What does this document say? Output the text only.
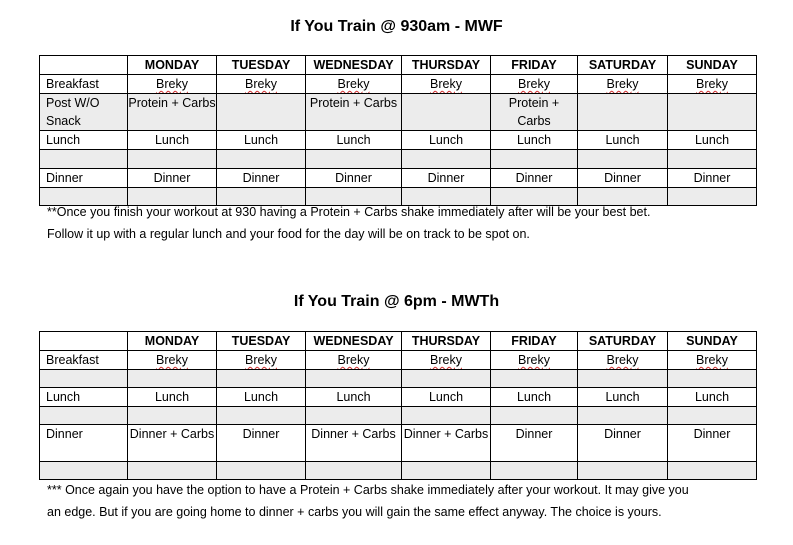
If You Train @ 930am - MWF
	MONDAY	TUESDAY	WEDNESDAY	THURSDAY	FRIDAY	SATURDAY	SUNDAY
Breakfast	Breky	Breky	Breky	Breky	Breky	Breky	Breky
Post W/O Snack	Protein + Carbs		Protein + Carbs		Protein + Carbs		
Lunch	Lunch	Lunch	Lunch	Lunch	Lunch	Lunch	Lunch

Dinner	Dinner	Dinner	Dinner	Dinner	Dinner	Dinner	Dinner

**Once you finish your workout at 930 having a Protein + Carbs shake immediately after will be your best bet.
Follow it up with a regular lunch and your food for the day will be on track to be spot on.
If You Train @ 6pm - MWTh
	MONDAY	TUESDAY	WEDNESDAY	THURSDAY	FRIDAY	SATURDAY	SUNDAY
Breakfast	Breky	Breky	Breky	Breky	Breky	Breky	Breky

Lunch	Lunch	Lunch	Lunch	Lunch	Lunch	Lunch	Lunch

Dinner	Dinner + Carbs	Dinner	Dinner + Carbs	Dinner + Carbs	Dinner	Dinner	Dinner

*** Once again you have the option to have a Protein + Carbs shake immediately after your workout. It may give you
an edge. But if you are going home to dinner + carbs you will gain the same effect anyway. The choice is yours.
